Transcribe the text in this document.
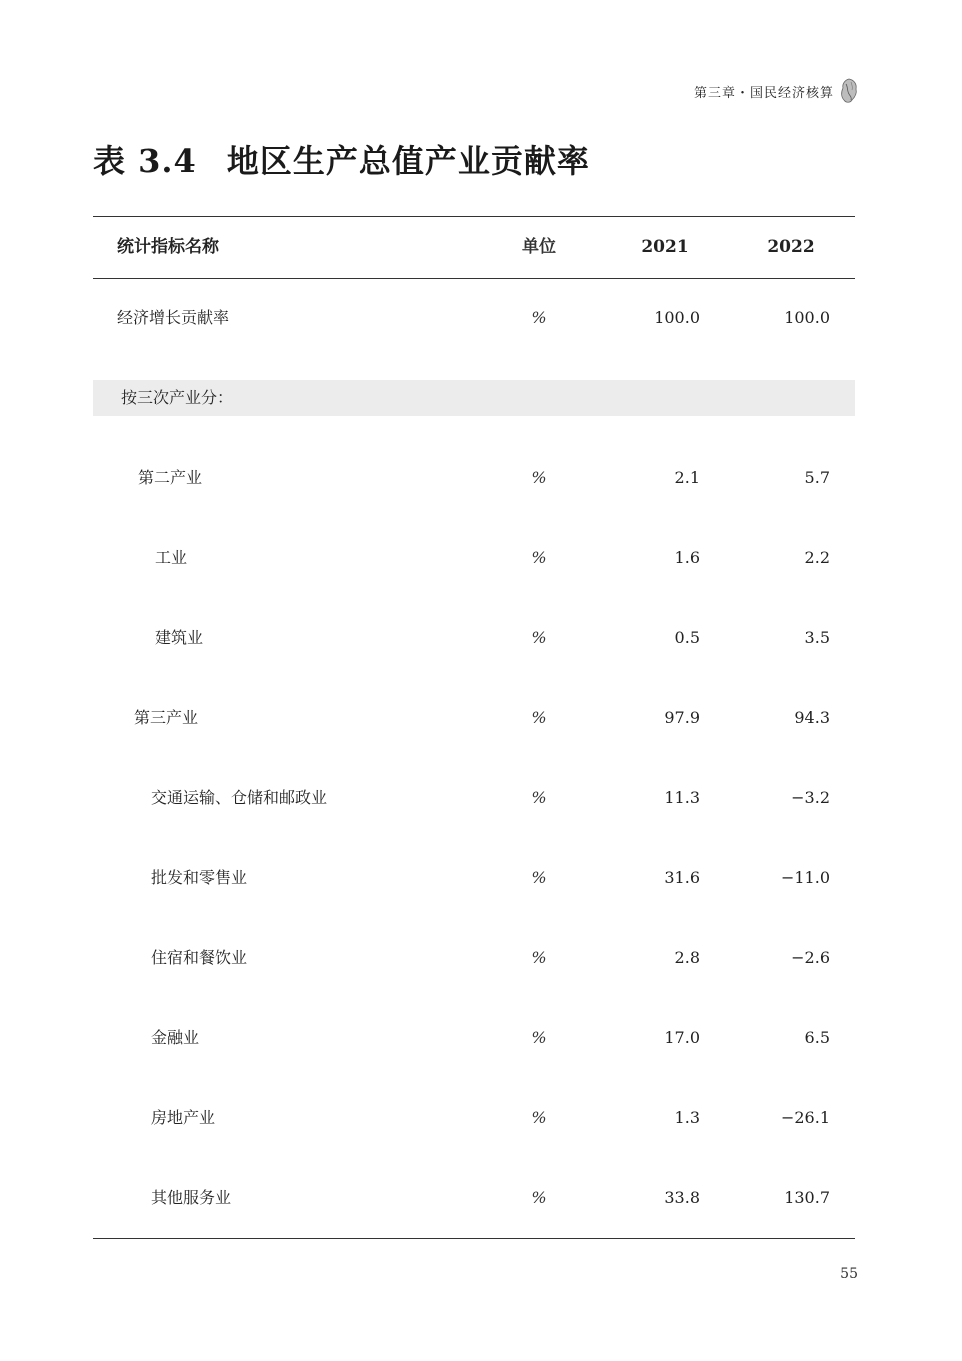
第三章・国民经济核算
表 3.4 地区生产总值产业贡献率
统计指标名称	单位	2021	2022
经济增长贡献率	%	100.0	100.0
按三次产业分：
第二产业	%	2.1	5.7
工业	%	1.6	2.2
建筑业	%	0.5	3.5
第三产业	%	97.9	94.3
交通运输、仓储和邮政业	%	11.3	−3.2
批发和零售业	%	31.6	−11.0
住宿和餐饮业	%	2.8	−2.6
金融业	%	17.0	6.5
房地产业	%	1.3	−26.1
其他服务业	%	33.8	130.7
55
